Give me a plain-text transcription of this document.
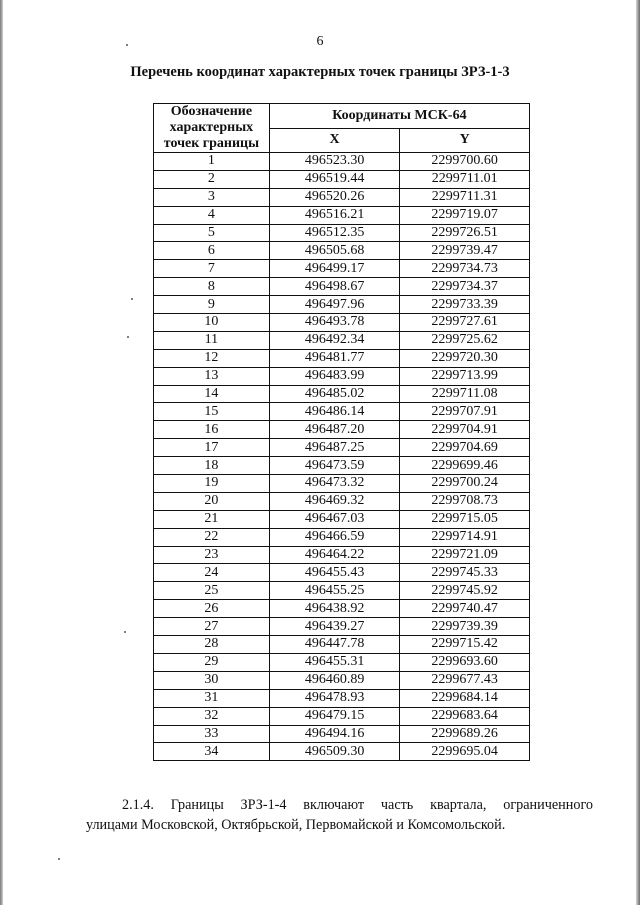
6
Перечень координат характерных точек границы ЗРЗ-1-3
Обозначение характерных точек границы	Координаты МСК-64	
	X	Y
1	496523.30	2299700.60
2	496519.44	2299711.01
3	496520.26	2299711.31
4	496516.21	2299719.07
5	496512.35	2299726.51
6	496505.68	2299739.47
7	496499.17	2299734.73
8	496498.67	2299734.37
9	496497.96	2299733.39
10	496493.78	2299727.61
11	496492.34	2299725.62
12	496481.77	2299720.30
13	496483.99	2299713.99
14	496485.02	2299711.08
15	496486.14	2299707.91
16	496487.20	2299704.91
17	496487.25	2299704.69
18	496473.59	2299699.46
19	496473.32	2299700.24
20	496469.32	2299708.73
21	496467.03	2299715.05
22	496466.59	2299714.91
23	496464.22	2299721.09
24	496455.43	2299745.33
25	496455.25	2299745.92
26	496438.92	2299740.47
27	496439.27	2299739.39
28	496447.78	2299715.42
29	496455.31	2299693.60
30	496460.89	2299677.43
31	496478.93	2299684.14
32	496479.15	2299683.64
33	496494.16	2299689.26
34	496509.30	2299695.04
2.1.4. Границы ЗРЗ-1-4 включают часть квартала, ограниченного
улицами Московской, Октябрьской, Первомайской и Комсомольской.
